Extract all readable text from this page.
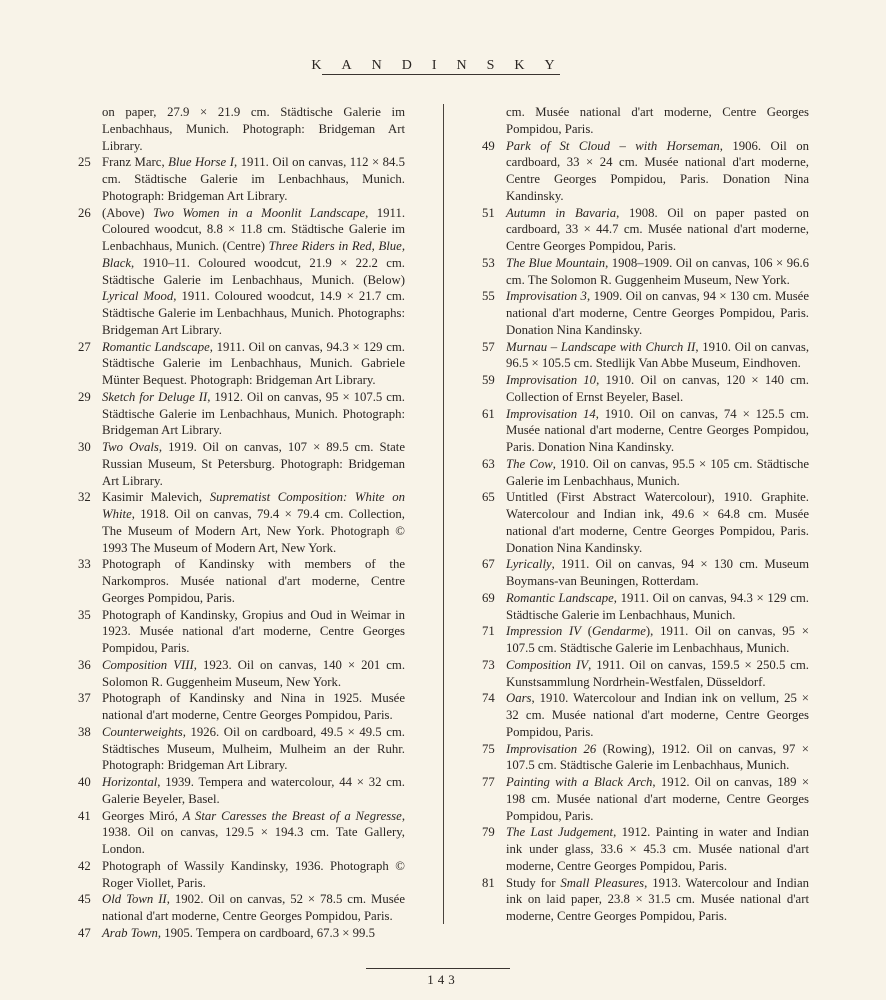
KANDINSKY
on paper, 27.9 × 21.9 cm. Städtische Galerie im Lenbachhaus, Munich. Photograph: Bridgeman Art Library.
25 Franz Marc, Blue Horse I, 1911. Oil on canvas, 112 × 84.5 cm. Städtische Galerie im Lenbachhaus, Munich. Photograph: Bridgeman Art Library.
26 (Above) Two Women in a Moonlit Landscape, 1911. Coloured woodcut, 8.8 × 11.8 cm. Städtische Galerie im Lenbachhaus, Munich. (Centre) Three Riders in Red, Blue, Black, 1910–11. Coloured woodcut, 21.9 × 22.2 cm. Städtische Galerie im Lenbachhaus, Munich. (Below) Lyrical Mood, 1911. Coloured woodcut, 14.9 × 21.7 cm. Städtische Galerie im Lenbachhaus, Munich. Photographs: Bridgeman Art Library.
27 Romantic Landscape, 1911. Oil on canvas, 94.3 × 129 cm. Städtische Galerie im Lenbachhaus, Munich. Gabriele Münter Bequest. Photograph: Bridgeman Art Library.
29 Sketch for Deluge II, 1912. Oil on canvas, 95 × 107.5 cm. Städtische Galerie im Lenbachhaus, Munich. Photograph: Bridgeman Art Library.
30 Two Ovals, 1919. Oil on canvas, 107 × 89.5 cm. State Russian Museum, St Petersburg. Photograph: Bridgeman Art Library.
32 Kasimir Malevich, Suprematist Composition: White on White, 1918. Oil on canvas, 79.4 × 79.4 cm. Collection, The Museum of Modern Art, New York. Photograph © 1993 The Museum of Modern Art, New York.
33 Photograph of Kandinsky with members of the Narkompros. Musée national d'art moderne, Centre Georges Pompidou, Paris.
35 Photograph of Kandinsky, Gropius and Oud in Weimar in 1923. Musée national d'art moderne, Centre Georges Pompidou, Paris.
36 Composition VIII, 1923. Oil on canvas, 140 × 201 cm. Solomon R. Guggenheim Museum, New York.
37 Photograph of Kandinsky and Nina in 1925. Musée national d'art moderne, Centre Georges Pompidou, Paris.
38 Counterweights, 1926. Oil on cardboard, 49.5 × 49.5 cm. Städtisches Museum, Mulheim, Mulheim an der Ruhr. Photograph: Bridgeman Art Library.
40 Horizontal, 1939. Tempera and watercolour, 44 × 32 cm. Galerie Beyeler, Basel.
41 Georges Miró, A Star Caresses the Breast of a Negresse, 1938. Oil on canvas, 129.5 × 194.3 cm. Tate Gallery, London.
42 Photograph of Wassily Kandinsky, 1936. Photograph © Roger Viollet, Paris.
45 Old Town II, 1902. Oil on canvas, 52 × 78.5 cm. Musée national d'art moderne, Centre Georges Pompidou, Paris.
47 Arab Town, 1905. Tempera on cardboard, 67.3 × 99.5
cm. Musée national d'art moderne, Centre Georges Pompidou, Paris.
49 Park of St Cloud – with Horseman, 1906. Oil on cardboard, 33 × 24 cm. Musée national d'art moderne, Centre Georges Pompidou, Paris. Donation Nina Kandinsky.
51 Autumn in Bavaria, 1908. Oil on paper pasted on cardboard, 33 × 44.7 cm. Musée national d'art moderne, Centre Georges Pompidou, Paris.
53 The Blue Mountain, 1908–1909. Oil on canvas, 106 × 96.6 cm. The Solomon R. Guggenheim Museum, New York.
55 Improvisation 3, 1909. Oil on canvas, 94 × 130 cm. Musée national d'art moderne, Centre Georges Pompidou, Paris. Donation Nina Kandinsky.
57 Murnau – Landscape with Church II, 1910. Oil on canvas, 96.5 × 105.5 cm. Stedlijk Van Abbe Museum, Eindhoven.
59 Improvisation 10, 1910. Oil on canvas, 120 × 140 cm. Collection of Ernst Beyeler, Basel.
61 Improvisation 14, 1910. Oil on canvas, 74 × 125.5 cm. Musée national d'art moderne, Centre Georges Pompidou, Paris. Donation Nina Kandinsky.
63 The Cow, 1910. Oil on canvas, 95.5 × 105 cm. Städtische Galerie im Lenbachhaus, Munich.
65 Untitled (First Abstract Watercolour), 1910. Graphite. Watercolour and Indian ink, 49.6 × 64.8 cm. Musée national d'art moderne, Centre Georges Pompidou, Paris. Donation Nina Kandinsky.
67 Lyrically, 1911. Oil on canvas, 94 × 130 cm. Museum Boymans-van Beuningen, Rotterdam.
69 Romantic Landscape, 1911. Oil on canvas, 94.3 × 129 cm. Städtische Galerie im Lenbachhaus, Munich.
71 Impression IV (Gendarme), 1911. Oil on canvas, 95 × 107.5 cm. Städtische Galerie im Lenbachhaus, Munich.
73 Composition IV, 1911. Oil on canvas, 159.5 × 250.5 cm. Kunstsammlung Nordrhein-Westfalen, Düsseldorf.
74 Oars, 1910. Watercolour and Indian ink on vellum, 25 × 32 cm. Musée national d'art moderne, Centre Georges Pompidou, Paris.
75 Improvisation 26 (Rowing), 1912. Oil on canvas, 97 × 107.5 cm. Städtische Galerie im Lenbachhaus, Munich.
77 Painting with a Black Arch, 1912. Oil on canvas, 189 × 198 cm. Musée national d'art moderne, Centre Georges Pompidou, Paris.
79 The Last Judgement, 1912. Painting in water and Indian ink under glass, 33.6 × 45.3 cm. Musée national d'art moderne, Centre Georges Pompidou, Paris.
81 Study for Small Pleasures, 1913. Watercolour and Indian ink on laid paper, 23.8 × 31.5 cm. Musée national d'art moderne, Centre Georges Pompidou, Paris.
143
